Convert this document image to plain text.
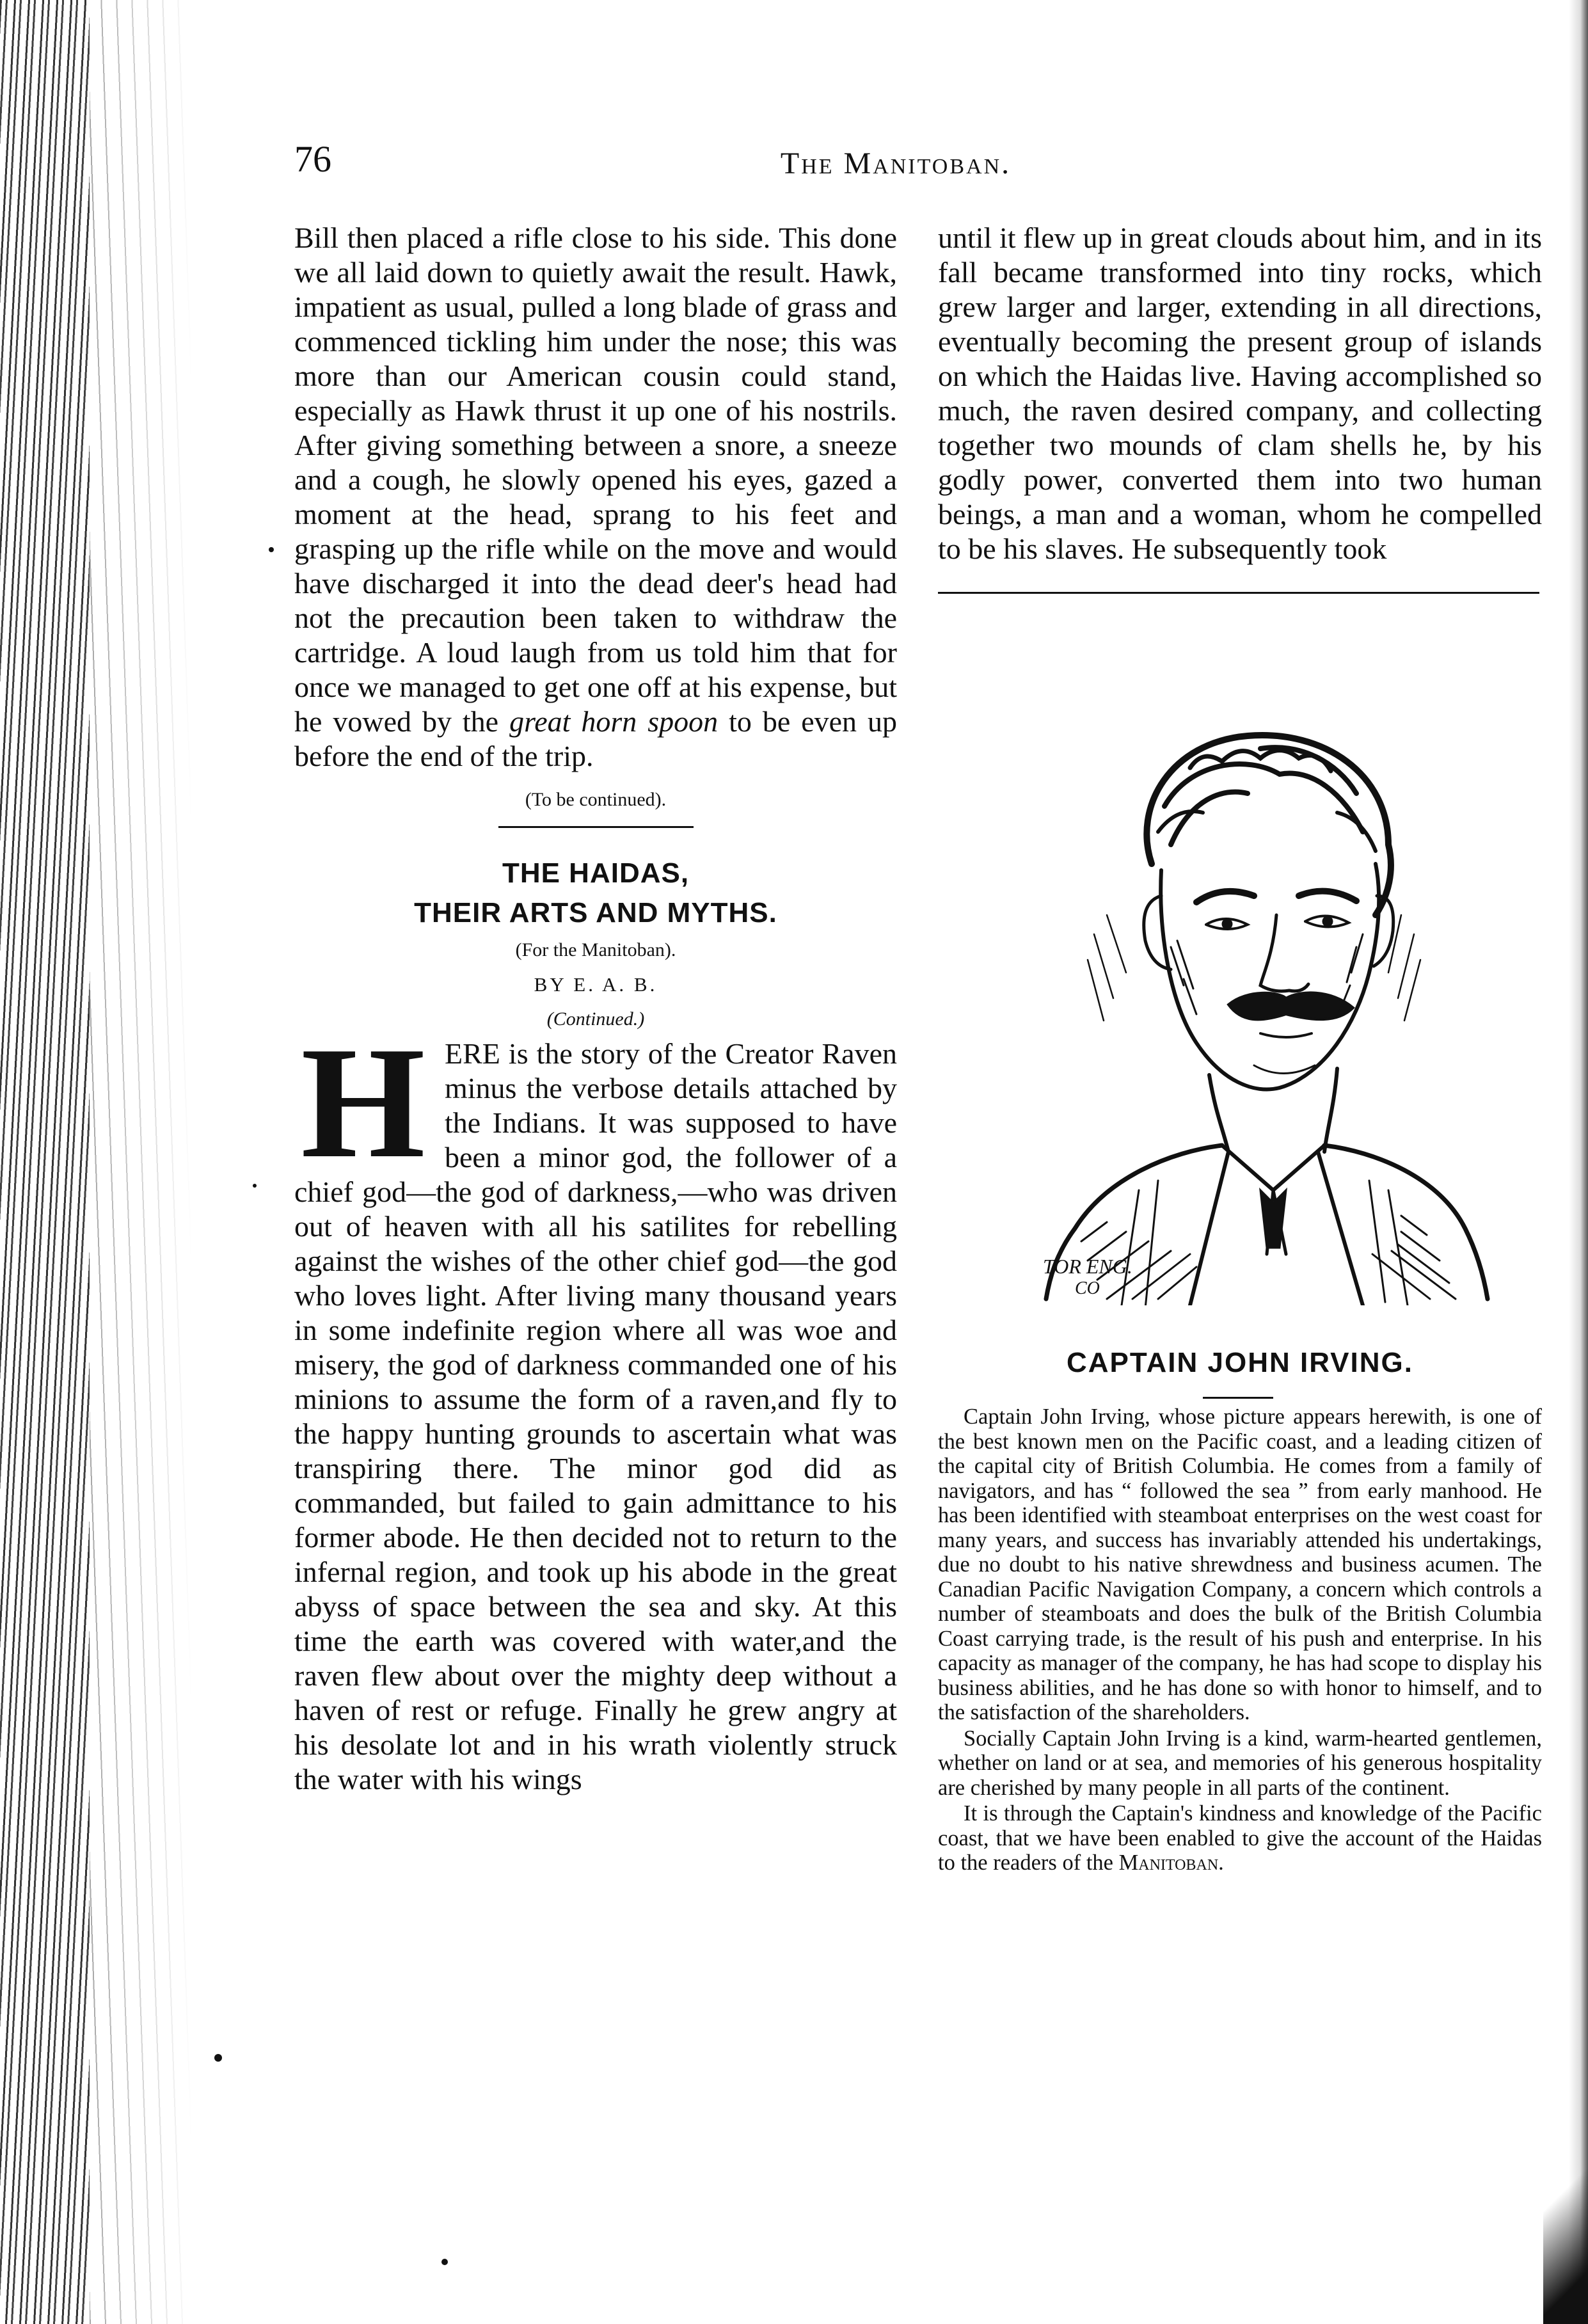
76	The Manitoban.

Bill then placed a rifle close to his side. This done we all laid down to quietly await the result. Hawk, impatient as usual, pulled a long blade of grass and commenced tickling him under the nose; this was more than our American cousin could stand, especially as Hawk thrust it up one of his nostrils. After giving something between a snore, a sneeze and a cough, he slowly opened his eyes, gazed a moment at the head, sprang to his feet and grasping up the rifle while on the move and would have discharged it into the dead deer's head had not the precaution been taken to withdraw the cartridge. A loud laugh from us told him that for once we managed to get one off at his expense, but he vowed by the great horn spoon to be even up before the end of the trip.

(To be continued).

THE HAIDAS,

THEIR ARTS AND MYTHS.

(For the Manitoban).

BY E. A. B.

(Continued.)

H ERE is the story of the Creator Raven minus the verbose details attached by the Indians. It was supposed to have been a minor god, the follower of a chief god—the god of darkness,—who was driven out of heaven with all his satilites for rebelling against the wishes of the other chief god—the god who loves light. After living many thousand years in some indefinite region where all was woe and misery, the god of darkness commanded one of his minions to assume the form of a raven,and fly to the happy hunting grounds to ascertain what was transpiring there. The minor god did as commanded, but failed to gain admittance to his former abode. He then decided not to return to the infernal region, and took up his abode in the great abyss of space between the sea and sky. At this time the earth was covered with water,and the raven flew about over the mighty deep without a haven of rest or refuge. Finally he grew angry at his desolate lot and in his wrath violently struck the water with his wings

until it flew up in great clouds about him, and in its fall became transformed into tiny rocks, which grew larger and larger, extending in all directions, eventually becoming the present group of islands on which the Haidas live. Having accomplished so much, the raven desired company, and collecting together two mounds of clam shells he, by his godly power, converted them into two human beings, a man and a woman, whom he compelled to be his slaves. He subsequently took

TOR ENG.
CO

CAPTAIN JOHN IRVING.

Captain John Irving, whose picture appears herewith, is one of the best known men on the Pacific coast, and a leading citizen of the capital city of British Columbia. He comes from a family of navigators, and has “ followed the sea ” from early manhood. He has been identified with steamboat enterprises on the west coast for many years, and success has invariably attended his undertakings, due no doubt to his native shrewdness and business acumen. The Canadian Pacific Navigation Company, a concern which controls a number of steamboats and does the bulk of the British Columbia Coast carrying trade, is the result of his push and enterprise. In his capacity as manager of the company, he has had scope to display his business abilities, and he has done so with honor to himself, and to the satisfaction of the shareholders.

Socially Captain John Irving is a kind, warm-hearted gentlemen, whether on land or at sea, and memories of his generous hospitality are cherished by many people in all parts of the continent.

It is through the Captain's kindness and knowledge of the Pacific coast, that we have been enabled to give the account of the Haidas to the readers of the Manitoban.
